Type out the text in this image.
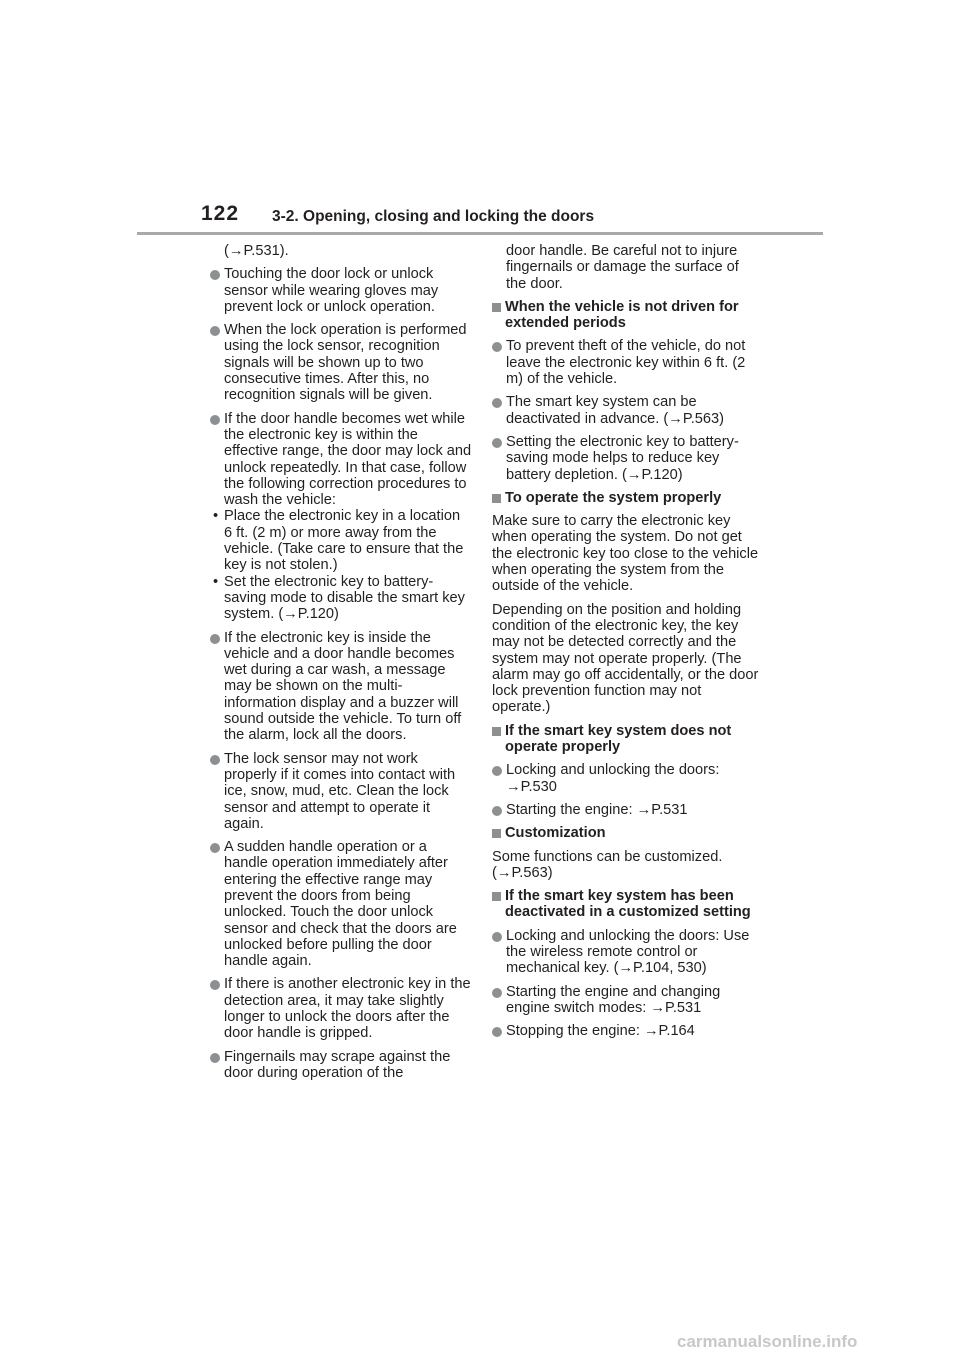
122 3-2. Opening, closing and locking the doors
(→P.531).
Touching the door lock or unlock sensor while wearing gloves may prevent lock or unlock operation.
When the lock operation is performed using the lock sensor, recognition signals will be shown up to two consecutive times. After this, no recognition signals will be given.
If the door handle becomes wet while the electronic key is within the effective range, the door may lock and unlock repeatedly. In that case, follow the following correction procedures to wash the vehicle:
• Place the electronic key in a location 6 ft. (2 m) or more away from the vehicle. (Take care to ensure that the key is not stolen.)
• Set the electronic key to battery-saving mode to disable the smart key system. (→P.120)
If the electronic key is inside the vehicle and a door handle becomes wet during a car wash, a message may be shown on the multi-information display and a buzzer will sound outside the vehicle. To turn off the alarm, lock all the doors.
The lock sensor may not work properly if it comes into contact with ice, snow, mud, etc. Clean the lock sensor and attempt to operate it again.
A sudden handle operation or a handle operation immediately after entering the effective range may prevent the doors from being unlocked. Touch the door unlock sensor and check that the doors are unlocked before pulling the door handle again.
If there is another electronic key in the detection area, it may take slightly longer to unlock the doors after the door handle is gripped.
Fingernails may scrape against the door during operation of the
door handle. Be careful not to injure fingernails or damage the surface of the door.
When the vehicle is not driven for extended periods
To prevent theft of the vehicle, do not leave the electronic key within 6 ft. (2 m) of the vehicle.
The smart key system can be deactivated in advance. (→P.563)
Setting the electronic key to battery-saving mode helps to reduce key battery depletion. (→P.120)
To operate the system properly
Make sure to carry the electronic key when operating the system. Do not get the electronic key too close to the vehicle when operating the system from the outside of the vehicle.
Depending on the position and holding condition of the electronic key, the key may not be detected correctly and the system may not operate properly. (The alarm may go off accidentally, or the door lock prevention function may not operate.)
If the smart key system does not operate properly
Locking and unlocking the doors: →P.530
Starting the engine: →P.531
Customization
Some functions can be customized. (→P.563)
If the smart key system has been deactivated in a customized setting
Locking and unlocking the doors: Use the wireless remote control or mechanical key. (→P.104, 530)
Starting the engine and changing engine switch modes: →P.531
Stopping the engine: →P.164
carmanualsonline.info
